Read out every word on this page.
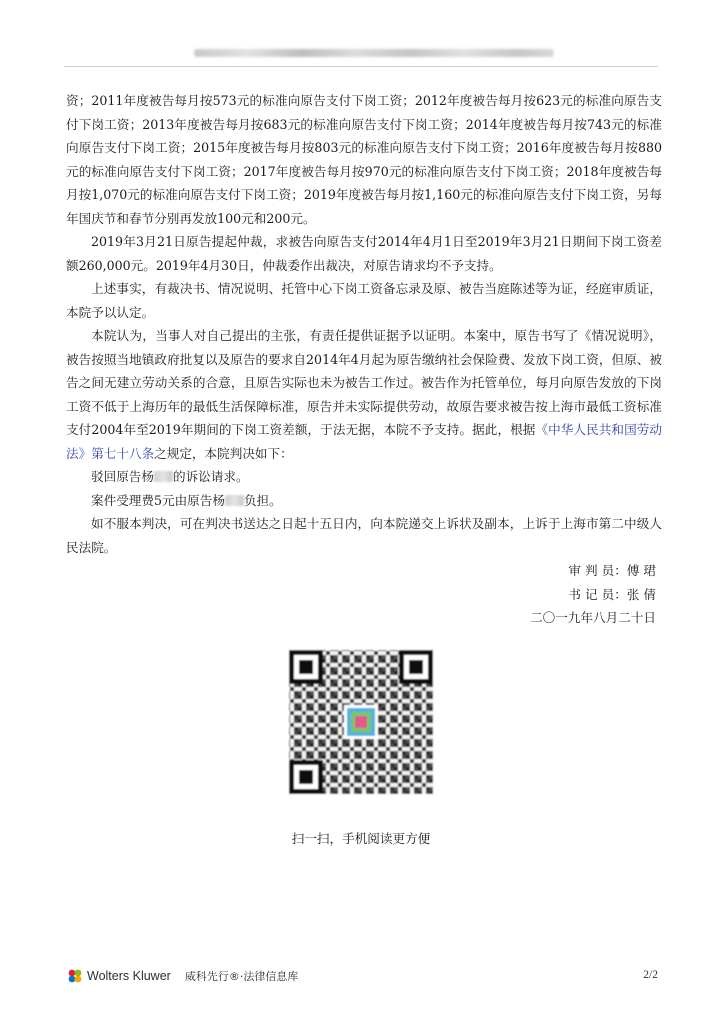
资；2011年度被告每月按573元的标准向原告支付下岗工资；2012年度被告每月按623元的标准向原告支付下岗工资；2013年度被告每月按683元的标准向原告支付下岗工资；2014年度被告每月按743元的标准向原告支付下岗工资；2015年度被告每月按803元的标准向原告支付下岗工资；2016年度被告每月按880元的标准向原告支付下岗工资；2017年度被告每月按970元的标准向原告支付下岗工资；2018年度被告每月按1,070元的标准向原告支付下岗工资；2019年度被告每月按1,160元的标准向原告支付下岗工资，另每年国庆节和春节分别再发放100元和200元。

2019年3月21日原告提起仲裁，求被告向原告支付2014年4月1日至2019年3月21日期间下岗工资差额260,000元。2019年4月30日，仲裁委作出裁决，对原告请求均不予支持。

上述事实，有裁决书、情况说明、托管中心下岗工资备忘录及原、被告当庭陈述等为证，经庭审质证，本院予以认定。

本院认为，当事人对自己提出的主张，有责任提供证据予以证明。本案中，原告书写了《情况说明》，被告按照当地镇政府批复以及原告的要求自2014年4月起为原告缴纳社会保险费、发放下岗工资，但原、被告之间无建立劳动关系的合意，且原告实际也未为被告工作过。被告作为托管单位，每月向原告发放的下岗工资不低于上海历年的最低生活保障标准，原告并未实际提供劳动，故原告要求被告按上海市最低工资标准支付2004年至2019年期间的下岗工资差额，于法无据，本院不予支持。据此，根据《中华人民共和国劳动法》第七十八条之规定，本院判决如下：

驳回原告杨 的诉讼请求。

案件受理费5元由原告杨 负担。

如不服本判决，可在判决书送达之日起十五日内，向本院递交上诉状及副本，上诉于上海市第二中级人民法院。

审 判 员：傅 珺

书 记 员：张 倩

二〇一九年八月二十日

扫一扫，手机阅读更方便
Wolters Kluwer 威科先行®·法律信息库	2/2
